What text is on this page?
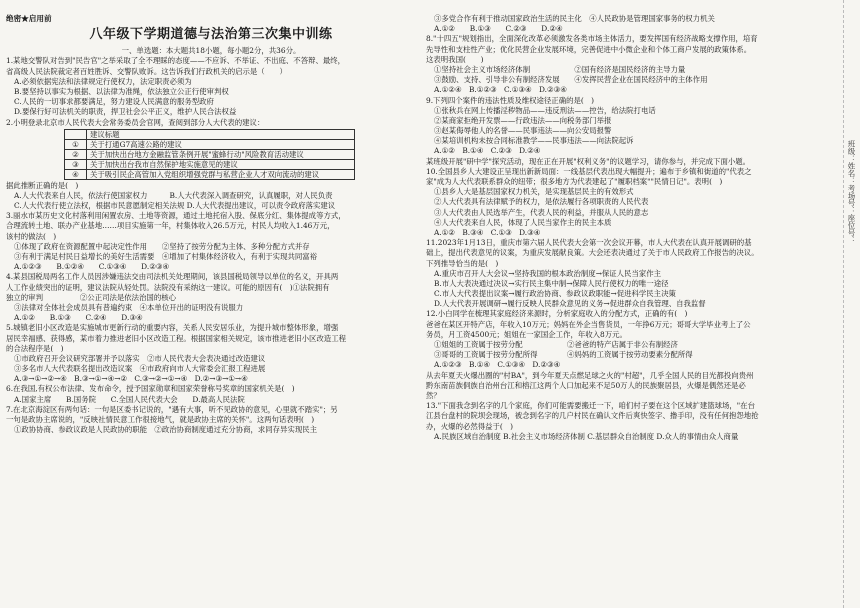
绝密★启用前
八年级下学期道德与法治第三次集中训练
一、单选题：本大题共18小题，每小题2分，共36分。
1.某地交警队对告到"民告官"之举采取了全不理睬的态度——不应诉、不举证、不出庭、不答辩、最终，
省高级人民法院裁定者百姓胜诉、交警队败诉。这告诉我们行政机关的启示是（　　）
A.必须依据宪法和法律规定行使权力，法定职责必须为
B.要坚持以事实为根据、以法律为准绳，依法独立公正行使审判权
C.人民的一切事求都要满足，努力建设人民满意的服务型政府
D.要保行好可法机关的职责，捍卫社会公平正义，维护人民合法权益
2.小明登录北京市人民代表大会常务委员会官网，查阅到部分人大代表的建议：
	建议标题
①	关于打通G7高速公路的建议
②	关于加快出台地方金融监管条例开展"蜜蜂行动"风险教育活动建议
③	关于加快出台我市自然保护地实施意见的建议
④	关于吸引民企高管加入党组织增强党群与私营企业人才双向流动的建议
据此推断正确的是(　)
A.人大代表来自人民，依法行使国家权力　　　B.人大代表深入调查研究，认真履职，对人民负责
C.人大代表行使立法权，根据市民意愿制定相关法规 D.人大代表提出建议，可以责令政府落实建议
3.丽水市某历史文化村落利用闲置农房、土地等资源，通过土地托宿入股、保底分红、集体提成等方式，
合理流转土地、联办产业基地……项目实施第一年，村集体收入26.5万元，村民人均收入1.46万元，
该村的做法(　)
①体现了政府在资源配置中起决定性作用　　②坚持了按劳分配为主体、多种分配方式并存
③有利于满足村民日益增长的美好生活需要　④增加了村集体经济收入，有利于实现共同富裕
A.①②③　　B.①②④　　C.①③④　　D.②③④
4.某县国税局两名工作人员因涉嫌违法交由司法机关处理期间，该县国税局领导以单位的名义，开具两
人工作业绩突出的证明，建议法院从轻处罚。法院没有采纳这一建议。可能的原因有(　)①法院拥有
独立的审判　　　　　②公正司法是依法治国的核心
③法律对全体社会成员具有普遍约束　④本单位开出的证明没有说服力
A.①②　　B.①③　　C.②④　　D.③④
5.城镇老旧小区改造是实施城市更新行动的重要内容，关系人民安居乐业，为提升城市整体形象，增强
居民幸福感、获得感，某市着力推进老旧小区改造工程。根据国家相关规定，该市推进老旧小区改造工程
的合法程序是(　)
①市政府召开会议研究部署并予以落实　②市人民代表大会表决通过改造建议
③多名市人大代表联名提出改造议案　④市政府向市人大常委会汇报工程进展
A.③→①→②→④　B.③→①→④→②　C.③→②→①→④　D.②→③→①→④
6.在我国,有权公布法律、发布命令，授予国家勋章和国家荣誉称号奖章的国家机关是(　)
A.国家主席　　B.国务院　　C.全国人民代表大会　　D.最高人民法院
7.在北京海淀区有两句话：一句是区委书记说的，"遇有大事，听不见政协的意见，心里就不踏实"；另
一句是政协主席说的，"反映社情民意工作很接地气，就是政协主席的关怀"。这两句话表明(　)
①政协协商、参政议政是人民政协的职能　②政治协商制度通过充分协商，求同存异实现民主
③多党合作有利于推动国家政治生活的民主化　④人民政协是管理国家事务的权力机关
A.①②　　B.①③　　C.②③　　D.②④
8."十四五"规划指出，全面深化改革必须激发各类市场主体活力，要发挥国有经济战略支撑作用，培育
先导性和支柱性产业；优化民营企业发展环境，完善促进中小微企业和个体工商户发展的政策体系。
这表明我国(　　)
①坚持社会主义市场经济体制　　　　　　②国有经济是国民经济的主导力量
③鼓励、支持、引导非公有制经济发展　　④发挥民营企业在国民经济中的主体作用
A.①②④　B.①②③　C.①③④　D.②③④
9.下列四个案件的违法性质及维权途径正确的是(　)
①张秋兵在网上传播淫秽物品——违反刑法——控告，给法院打电话
②某商家拒绝开发票——行政违法——向税务部门举报
③赵某侮辱他人的名誉——民事违法——向公安局报警
④某培训机构未按合同标准教学——民事违法——向法院起诉
A.①②　B.①④　C.②③　D.②④
某班级开展"研中学"探究活动，现在正在开展"权利义务"的议题学习，请你参与，并完成下面小题。
10.全国县乡人大建设正呈现出新新局面：一线基层代表出现大幅提升；遍布于乡镇和街道的"代表之
家"成为人大代表联系群众的纽带；很多地方为代表建起了"履职档案""民情日记"。表明(　)
①县乡人大是基层国家权力机关，是实现基层民主的有效形式
②人大代表具有法律赋予的权力，是依法履行各项职责的人民代表
③人大代表由人民选举产生，代表人民的利益，并服从人民的意志
④人大代表来自人民，体现了人民当家作主的民主本质
A.①②　B.③④　C.①③　D.③④
11.2023年1月13日，重庆市第六届人民代表大会第一次会议开幕，市人大代表在认真开展调研的基
础上，提出代表意见的议案，为重庆发展献良策。大会还表决通过了关于市人民政府工作报告的决议。
下列推导恰当的是(　)
A.重庆市召开人大会议→坚持我国的根本政治制度→保证人民当家作主
B.市人大表决通过决议→实行民主集中制→保障人民行使权力的唯一途径
C.市人大代表提出议案→履行政治协商、参政议政职能→促进科学民主决策
D.人大代表开展调研→履行反映人民群众意见的义务→促进群众自我管理、自我监督
12.小白同学在梳理其家庭经济来源时，分析家庭收入的分配方式，正确的有(　)
爸爸在某区开特产店，年收入10万元；妈妈在外企当售货员，一年挣6万元；哥哥大学毕业考上了公
务员，月工资4500元；姐姐在一家国企工作，年收入8万元。
①姐姐的工资属于按劳分配　　　　　　②爸爸的特产店属于非公有制经济
③哥哥的工资属于按劳分配所得　　　　④妈妈的工资属于按劳动要素分配所得
A.①②③　B.①④　C.①③④　D.②③④
从去年夏天火爆出圈的"村BA"，到今年夏天点燃足球之火的"村超"，几乎全国人民的目光都投向贵州
黔东南苗族侗族自治州台江和榕江这两个人口加起来不足50万人的民族聚居县，火爆是偶然还是必
然？
13."下面我念到名字的几个家庭，你们可能需要搬迁一下，咱们村子要在这个区域扩建篮球场，"在台
江县台盘村的院坝会现场，被念到名字的几户村民在确认文件后爽快签字、撸手印，没有任何抱怨地抢
办，火爆的必然得益于(　)
A.民族区域自治制度 B.社会主义市场经济体制 C.基层群众自治制度 D.众人的事情由众人商量
班级：姓名：考场号：座位号：
